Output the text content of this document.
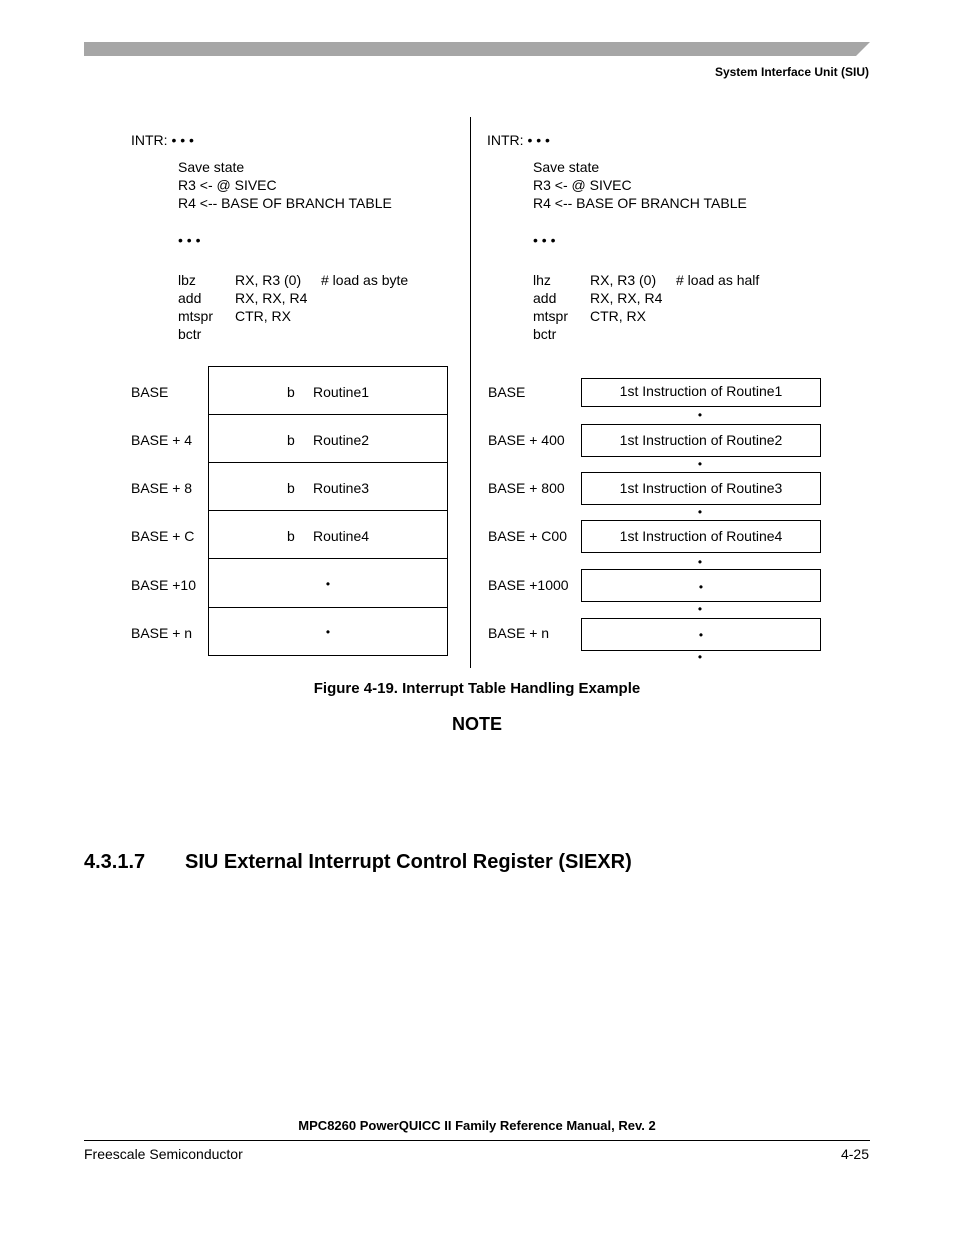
System Interface Unit (SIU)
INTR: • • •
Save state
R3 <- @ SIVEC
R4 <-- BASE OF BRANCH TABLE
• • •
lbz	RX, R3 (0) # load as byte
add RX, RX, R4
mtspr CTR, RX
bctr
BASE	b Routine1
BASE + 4	b Routine2
BASE + 8	b Routine3
BASE + C	b Routine4
BASE +10	•
BASE + n	•
INTR: • • •
Save state
R3 <- @ SIVEC
R4 <-- BASE OF BRANCH TABLE
• • •
lhz	RX, R3 (0) # load as half
add RX, RX, R4
mtspr CTR, RX
bctr
BASE	1st Instruction of Routine1
•
BASE + 400	1st Instruction of Routine2
•
BASE + 800	1st Instruction of Routine3
•
BASE + C00	1st Instruction of Routine4
•
BASE +1000	•
•
BASE + n	•
•
Figure 4-19. Interrupt Table Handling Example
NOTE
4.3.1.7 SIU External Interrupt Control Register (SIEXR)
MPC8260 PowerQUICC II Family Reference Manual, Rev. 2
Freescale Semiconductor	4-25
